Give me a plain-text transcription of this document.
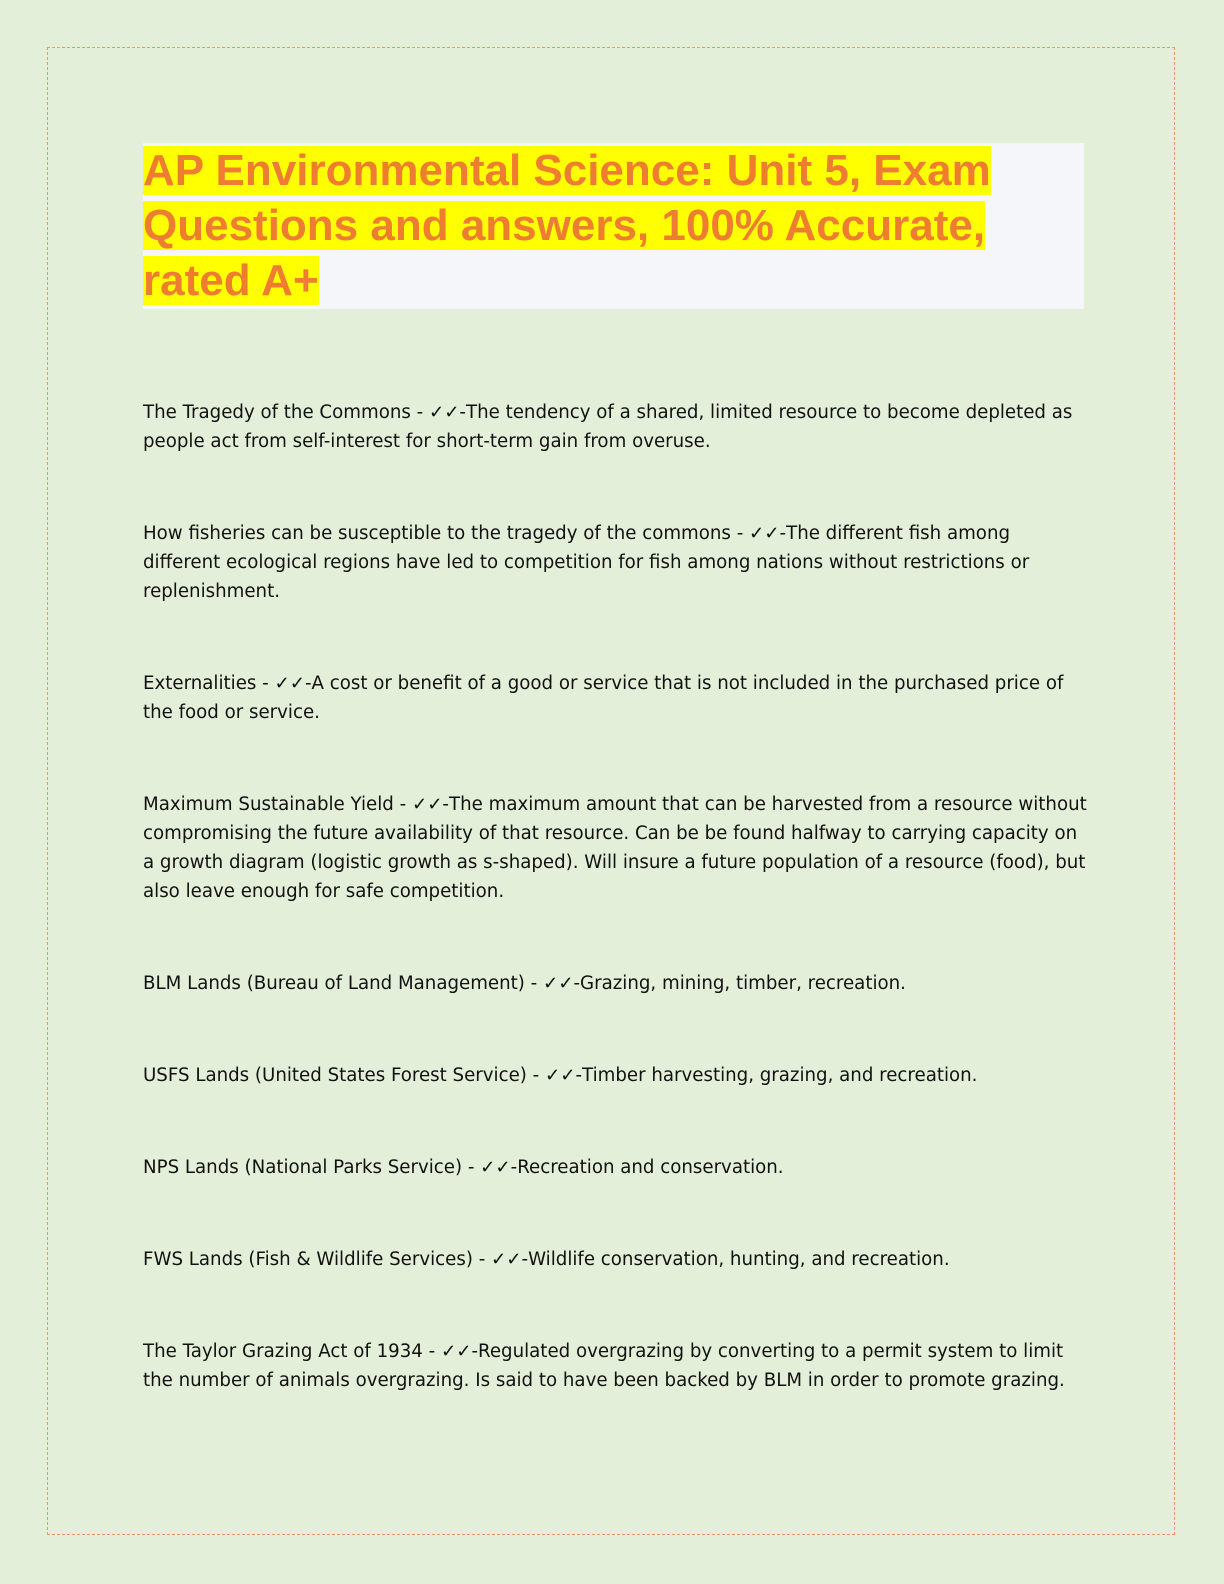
AP Environmental Science: Unit 5, Exam
Questions and answers, 100% Accurate,
rated A+

The Tragedy of the Commons - ✓✓-The tendency of a shared, limited resource to become depleted as people act from self-interest for short-term gain from overuse.

How fisheries can be susceptible to the tragedy of the commons - ✓✓-The different fish among different ecological regions have led to competition for fish among nations without restrictions or replenishment.

Externalities - ✓✓-A cost or benefit of a good or service that is not included in the purchased price of the food or service.

Maximum Sustainable Yield - ✓✓-The maximum amount that can be harvested from a resource without compromising the future availability of that resource. Can be be found halfway to carrying capacity on a growth diagram (logistic growth as s-shaped). Will insure a future population of a resource (food), but also leave enough for safe competition.

BLM Lands (Bureau of Land Management) - ✓✓-Grazing, mining, timber, recreation.

USFS Lands (United States Forest Service) - ✓✓-Timber harvesting, grazing, and recreation.

NPS Lands (National Parks Service) - ✓✓-Recreation and conservation.

FWS Lands (Fish & Wildlife Services) - ✓✓-Wildlife conservation, hunting, and recreation.

The Taylor Grazing Act of 1934 - ✓✓-Regulated overgrazing by converting to a permit system to limit the number of animals overgrazing. Is said to have been backed by BLM in order to promote grazing.
